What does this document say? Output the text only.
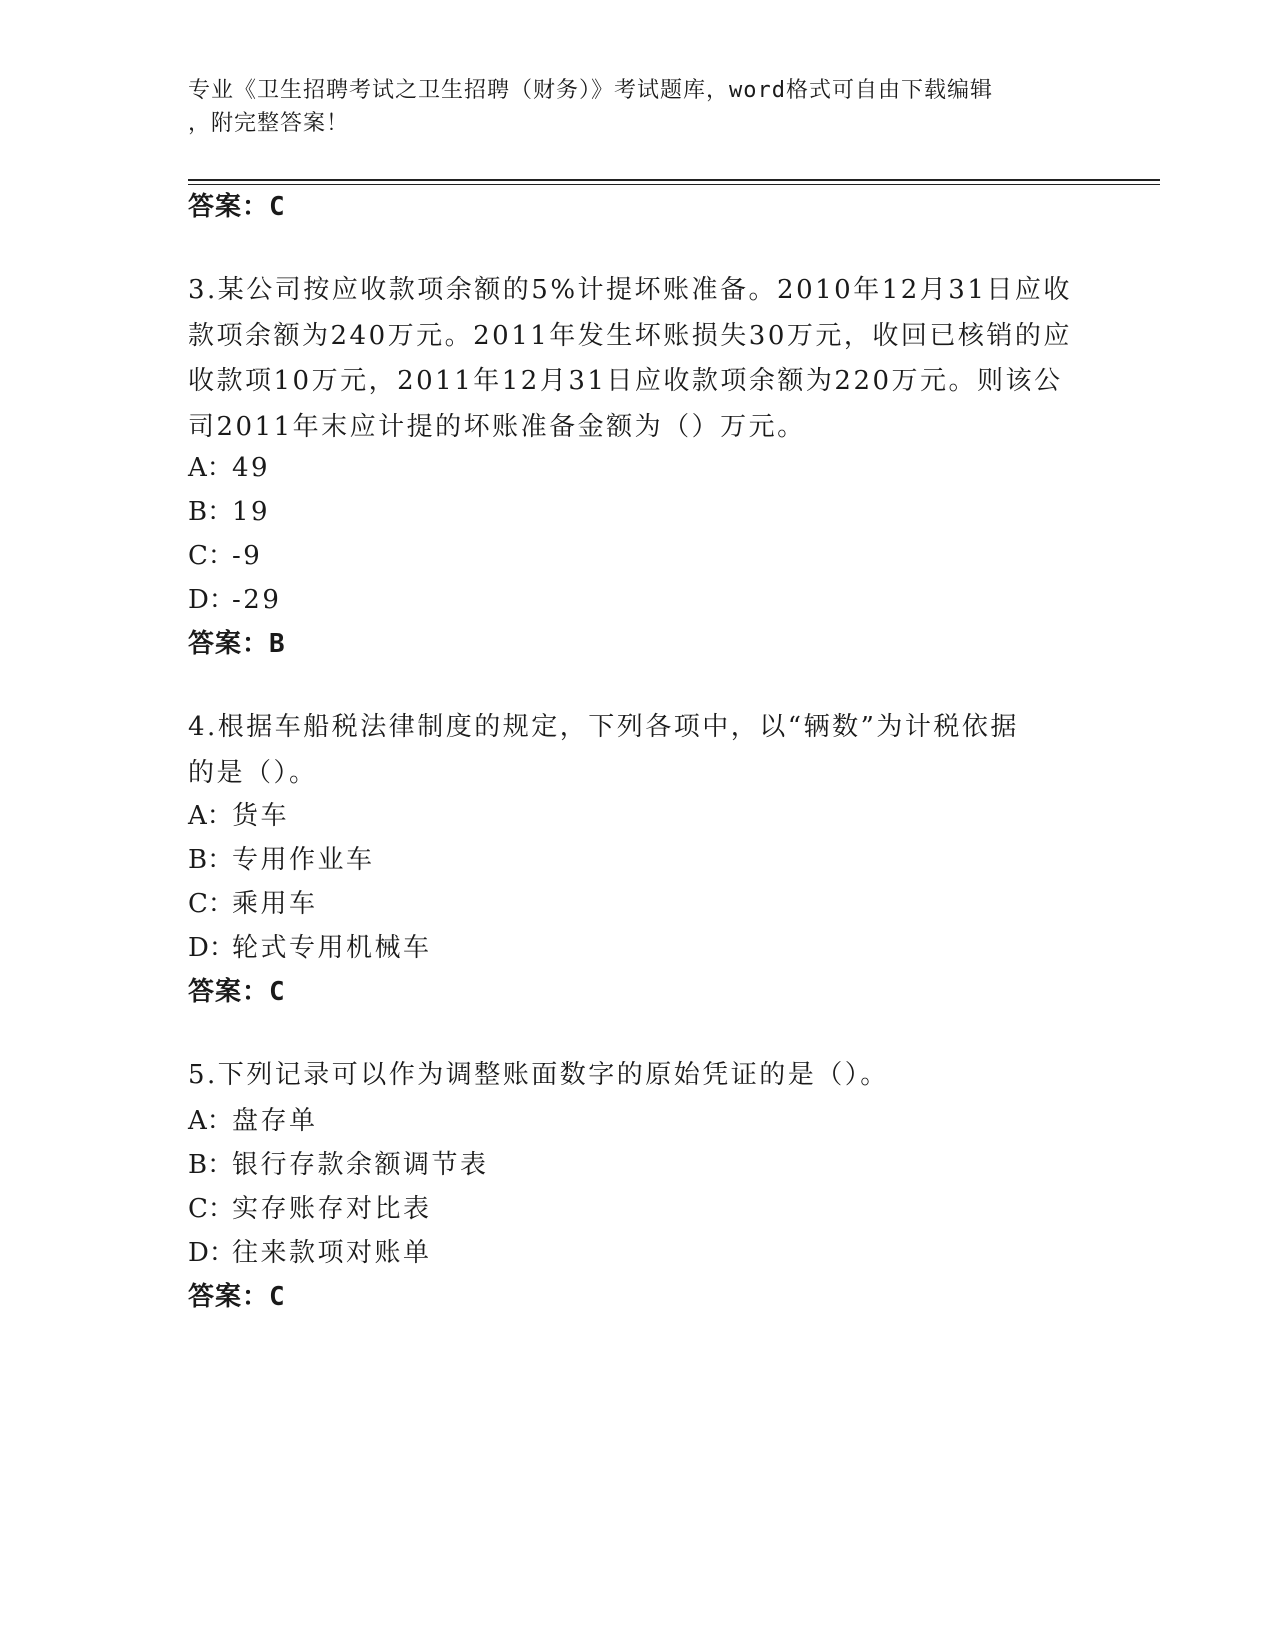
专业《卫生招聘考试之卫生招聘（财务）》考试题库，word格式可自由下载编辑
，附完整答案！
答案：C
3.某公司按应收款项余额的5%计提坏账准备。2010年12月31日应收
款项余额为240万元。2011年发生坏账损失30万元，收回已核销的应
收款项10万元，2011年12月31日应收款项余额为220万元。则该公
司2011年末应计提的坏账准备金额为（）万元。
A：49
B：19
C：-9
D：-29
答案：B
4.根据车船税法律制度的规定，下列各项中，以“辆数”为计税依据
的是（）。
A：货车
B：专用作业车
C：乘用车
D：轮式专用机械车
答案：C
5.下列记录可以作为调整账面数字的原始凭证的是（）。
A：盘存单
B：银行存款余额调节表
C：实存账存对比表
D：往来款项对账单
答案：C
